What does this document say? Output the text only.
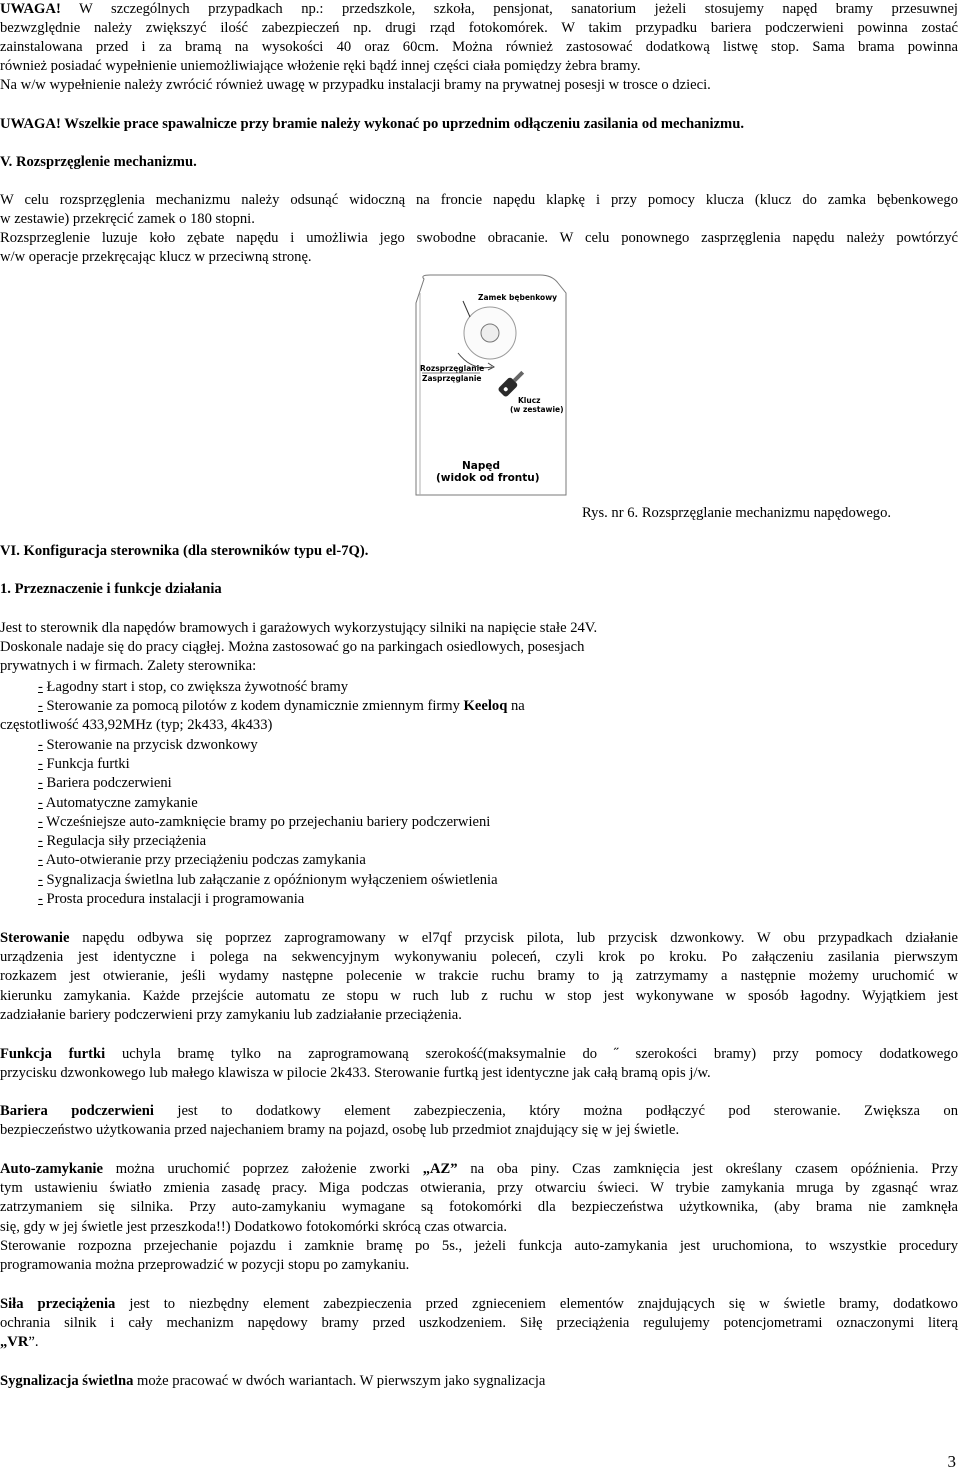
UWAGA! W szczególnych przypadkach np.: przedszkole, szkoła, pensjonat, sanatorium jeżeli stosujemy napęd bramy przesuwnej

bezwzględnie należy zwiększyć ilość zabezpieczeń np. drugi rząd fotokomórek. W takim przypadku bariera podczerwieni powinna zostać

zainstalowana przed i za bramą na wysokości 40 oraz 60cm. Można również zastosować dodatkową listwę stop. Sama brama powinna

również posiadać wypełnienie uniemożliwiające włożenie ręki bądź innej części ciała pomiędzy żebra bramy.

Na w/w wypełnienie należy zwrócić również uwagę w przypadku instalacji bramy na prywatnej posesji w trosce o dzieci.

UWAGA! Wszelkie prace spawalnicze przy bramie należy wykonać po uprzednim odłączeniu zasilania od mechanizmu.

V. Rozsprzęglenie mechanizmu.

W celu rozsprzęglenia mechanizmu należy odsunąć widoczną na froncie napędu klapkę i przy pomocy klucza (klucz do zamka bębenkowego

w zestawie) przekręcić zamek o 180 stopni.

Rozsprzeglenie luzuje koło zębate napędu i umożliwia jego swobodne obracanie. W celu ponownego zasprzęglenia napędu należy powtórzyć

w/w operacje przekręcając klucz w przeciwną stronę.

Zamek bębenkowy
Rozsprzęglanie
Zasprzęglanie
Klucz
(w zestawie)
Napęd
(widok od frontu)
Rys. nr 6. Rozsprzęglanie mechanizmu napędowego.

VI. Konfiguracja sterownika (dla sterowników typu el-7Q).

1. Przeznaczenie i funkcje działania

Jest to sterownik dla napędów bramowych i garażowych wykorzystujący silniki na napięcie stałe 24V.

Doskonale nadaje się do pracy ciągłej. Można zastosować go na parkingach osiedlowych, posesjach

prywatnych i w firmach. Zalety sterownika:

- Łagodny start i stop, co zwiększa żywotność bramy

- Sterowanie za pomocą pilotów z kodem dynamicznie zmiennym firmy Keeloq na

częstotliwość 433,92MHz (typ; 2k433, 4k433)

- Sterowanie na przycisk dzwonkowy

- Funkcja furtki

- Bariera podczerwieni

- Automatyczne zamykanie

- Wcześniejsze auto-zamknięcie bramy po przejechaniu bariery podczerwieni

- Regulacja siły przeciążenia

- Auto-otwieranie przy przeciążeniu podczas zamykania

- Sygnalizacja świetlna lub załączanie z opóźnionym wyłączeniem oświetlenia

- Prosta procedura instalacji i programowania

Sterowanie napędu odbywa się poprzez zaprogramowany w el7qf przycisk pilota, lub przycisk dzwonkowy. W obu przypadkach działanie

urządzenia jest identyczne i polega na sekwencyjnym wykonywaniu poleceń, czyli krok po kroku. Po załączeniu zasilania pierwszym

rozkazem jest otwieranie, jeśli wydamy następne polecenie w trakcie ruchu bramy to ją zatrzymamy a następnie możemy uruchomić w

kierunku zamykania. Każde przejście automatu ze stopu w ruch lub z ruchu w stop jest wykonywane w sposób łagodny. Wyjątkiem jest

zadziałanie bariery podczerwieni przy zamykaniu lub zadziałanie przeciążenia.

Funkcja furtki uchyla bramę tylko na zaprogramowaną szerokość(maksymalnie do ˝ szerokości bramy) przy pomocy dodatkowego

przycisku dzwonkowego lub małego klawisza w pilocie 2k433. Sterowanie furtką jest identyczne jak całą bramą opis j/w.

Bariera podczerwieni jest to dodatkowy element zabezpieczenia, który można podłączyć pod sterowanie. Zwiększa on

bezpieczeństwo użytkowania przed najechaniem bramy na pojazd, osobę lub przedmiot znajdujący się w jej świetle.

Auto-zamykanie można uruchomić poprzez założenie zworki „AZ” na oba piny. Czas zamknięcia jest określany czasem opóźnienia. Przy

tym ustawieniu światło zmienia zasadę pracy. Miga podczas otwierania, przy otwarciu świeci. W trybie zamykania mruga by zgasnąć wraz

zatrzymaniem się silnika. Przy auto-zamykaniu wymagane są fotokomórki dla bezpieczeństwa użytkownika, (aby brama nie zamknęła

się, gdy w jej świetle jest przeszkoda!!) Dodatkowo fotokomórki skrócą czas otwarcia.

Sterowanie rozpozna przejechanie pojazdu i zamknie bramę po 5s., jeżeli funkcja auto-zamykania jest uruchomiona, to wszystkie procedury

programowania można przeprowadzić w pozycji stopu po zamykaniu.

Siła przeciążenia jest to niezbędny element zabezpieczenia przed zgnieceniem elementów znajdujących się w świetle bramy, dodatkowo

ochrania silnik i cały mechanizm napędowy bramy przed uszkodzeniem. Siłę przeciążenia regulujemy potencjometrami oznaczonymi literą

„VR”.

Sygnalizacja świetlna może pracować w dwóch wariantach. W pierwszym jako sygnalizacja

3
